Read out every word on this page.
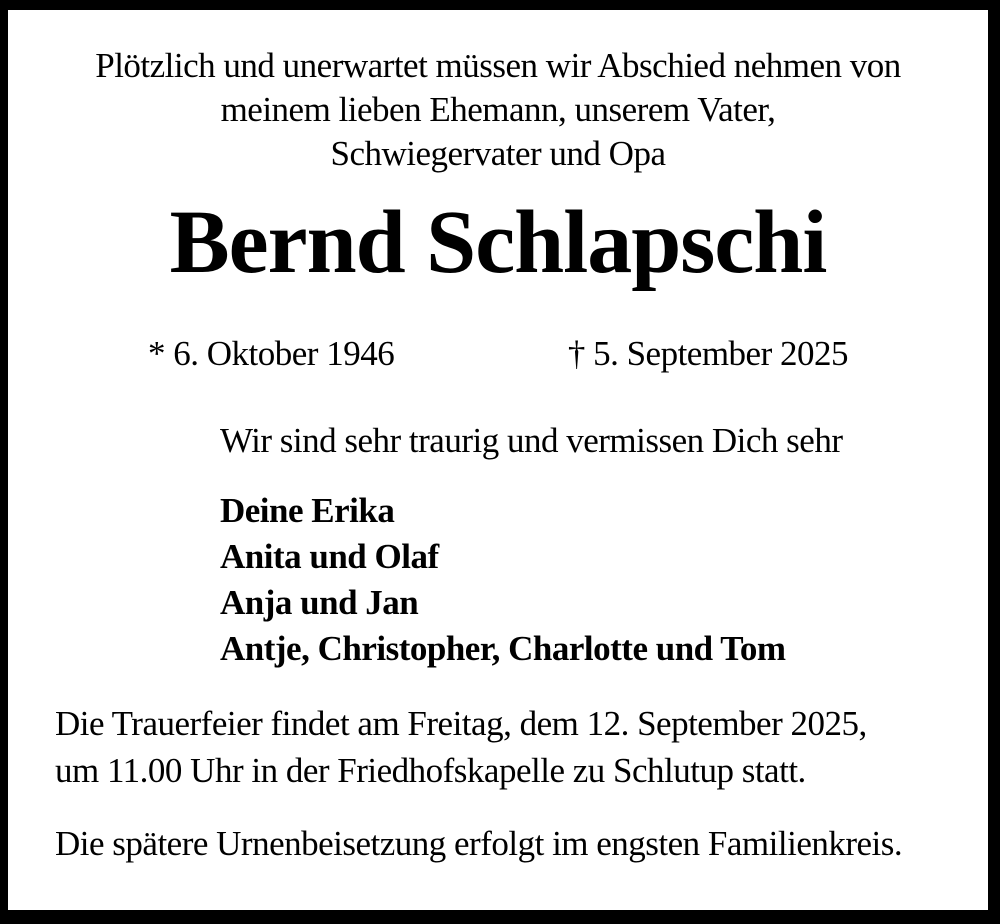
Plötzlich und unerwartet müssen wir Abschied nehmen von
meinem lieben Ehemann, unserem Vater,
Schwiegervater und Opa
Bernd Schlapschi
* 6. Oktober 1946	† 5. September 2025
Wir sind sehr traurig und vermissen Dich sehr
Deine Erika
Anita und Olaf
Anja und Jan
Antje, Christopher, Charlotte und Tom
Die Trauerfeier findet am Freitag, dem 12. September 2025,
um 11.00 Uhr in der Friedhofskapelle zu Schlutup statt.
Die spätere Urnenbeisetzung erfolgt im engsten Familienkreis.
